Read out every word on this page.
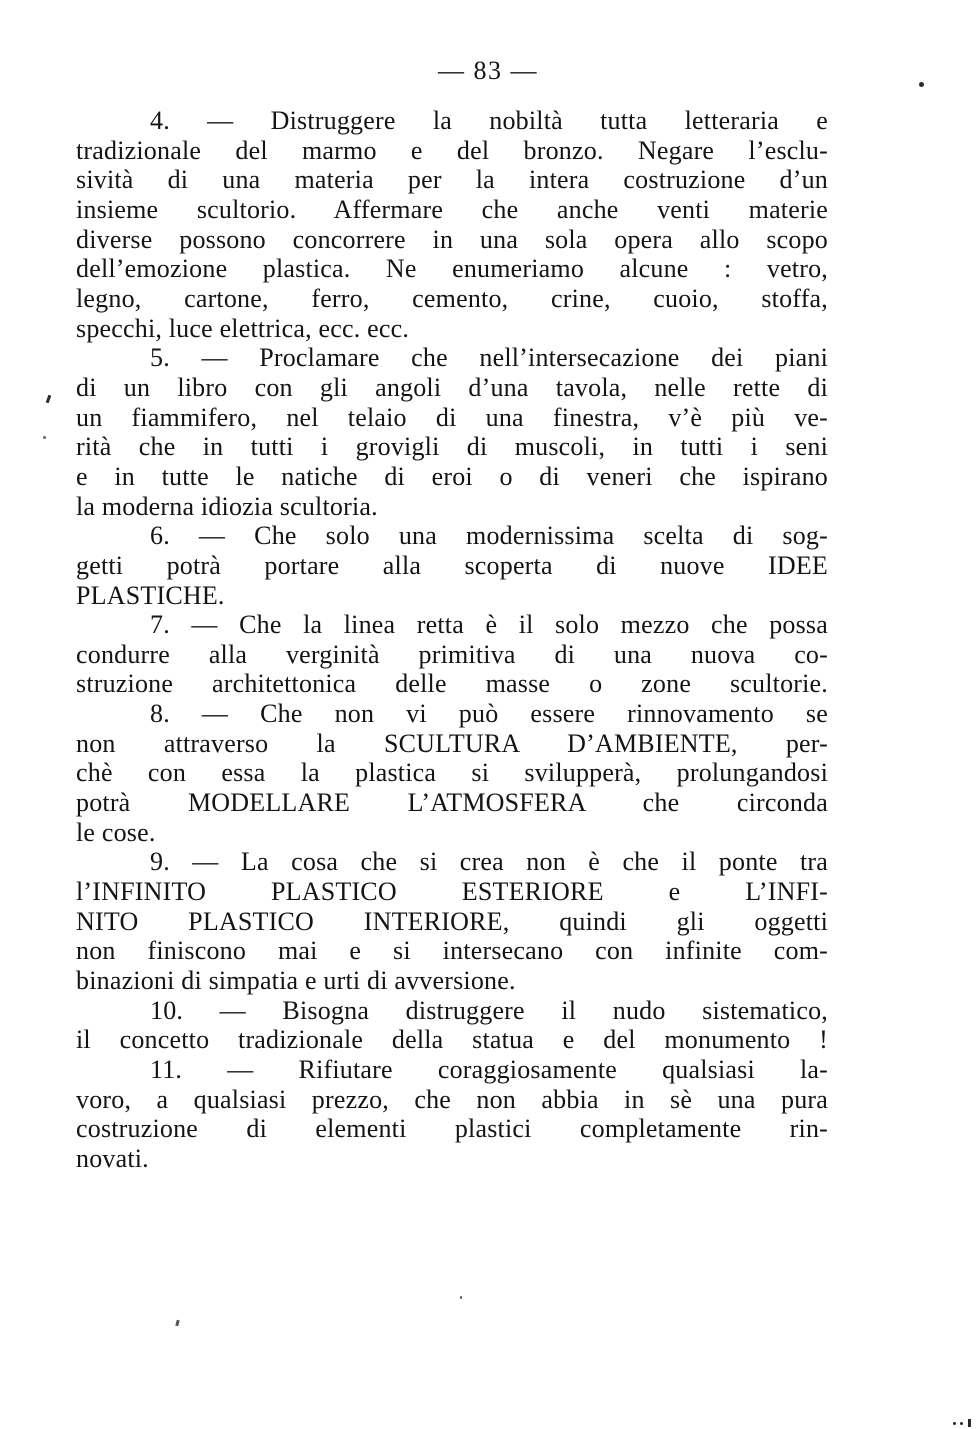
— 83 —
4. — Distruggere la nobiltà tutta letteraria e
tradizionale del marmo e del bronzo. Negare l’esclu-
sività di una materia per la intera costruzione d’un
insieme scultorio. Affermare che anche venti materie
diverse possono concorrere in una sola opera allo scopo
dell’emozione plastica. Ne enumeriamo alcune : vetro,
legno, cartone, ferro, cemento, crine, cuoio, stoffa,
specchi, luce elettrica, ecc. ecc.
5. — Proclamare che nell’intersecazione dei piani
di un libro con gli angoli d’una tavola, nelle rette di
un fiammifero, nel telaio di una finestra, v’è più ve-
rità che in tutti i grovigli di muscoli, in tutti i seni
e in tutte le natiche di eroi o di veneri che ispirano
la moderna idiozia scultoria.
6. — Che solo una modernissima scelta di sog-
getti potrà portare alla scoperta di nuove IDEE
PLASTICHE.
7. — Che la linea retta è il solo mezzo che possa
condurre alla verginità primitiva di una nuova co-
struzione architettonica delle masse o zone scultorie.
8. — Che non vi può essere rinnovamento se
non attraverso la SCULTURA D’AMBIENTE, per-
chè con essa la plastica si svilupperà, prolungandosi
potrà MODELLARE L’ATMOSFERA che circonda
le cose.
9. — La cosa che si crea non è che il ponte tra
l’INFINITO PLASTICO ESTERIORE e L’INFI-
NITO PLASTICO INTERIORE, quindi gli oggetti
non finiscono mai e si intersecano con infinite com-
binazioni di simpatia e urti di avversione.
10. — Bisogna distruggere il nudo sistematico,
il concetto tradizionale della statua e del monumento !
11. — Rifiutare coraggiosamente qualsiasi la-
voro, a qualsiasi prezzo, che non abbia in sè una pura
costruzione di elementi plastici completamente rin-
novati.
